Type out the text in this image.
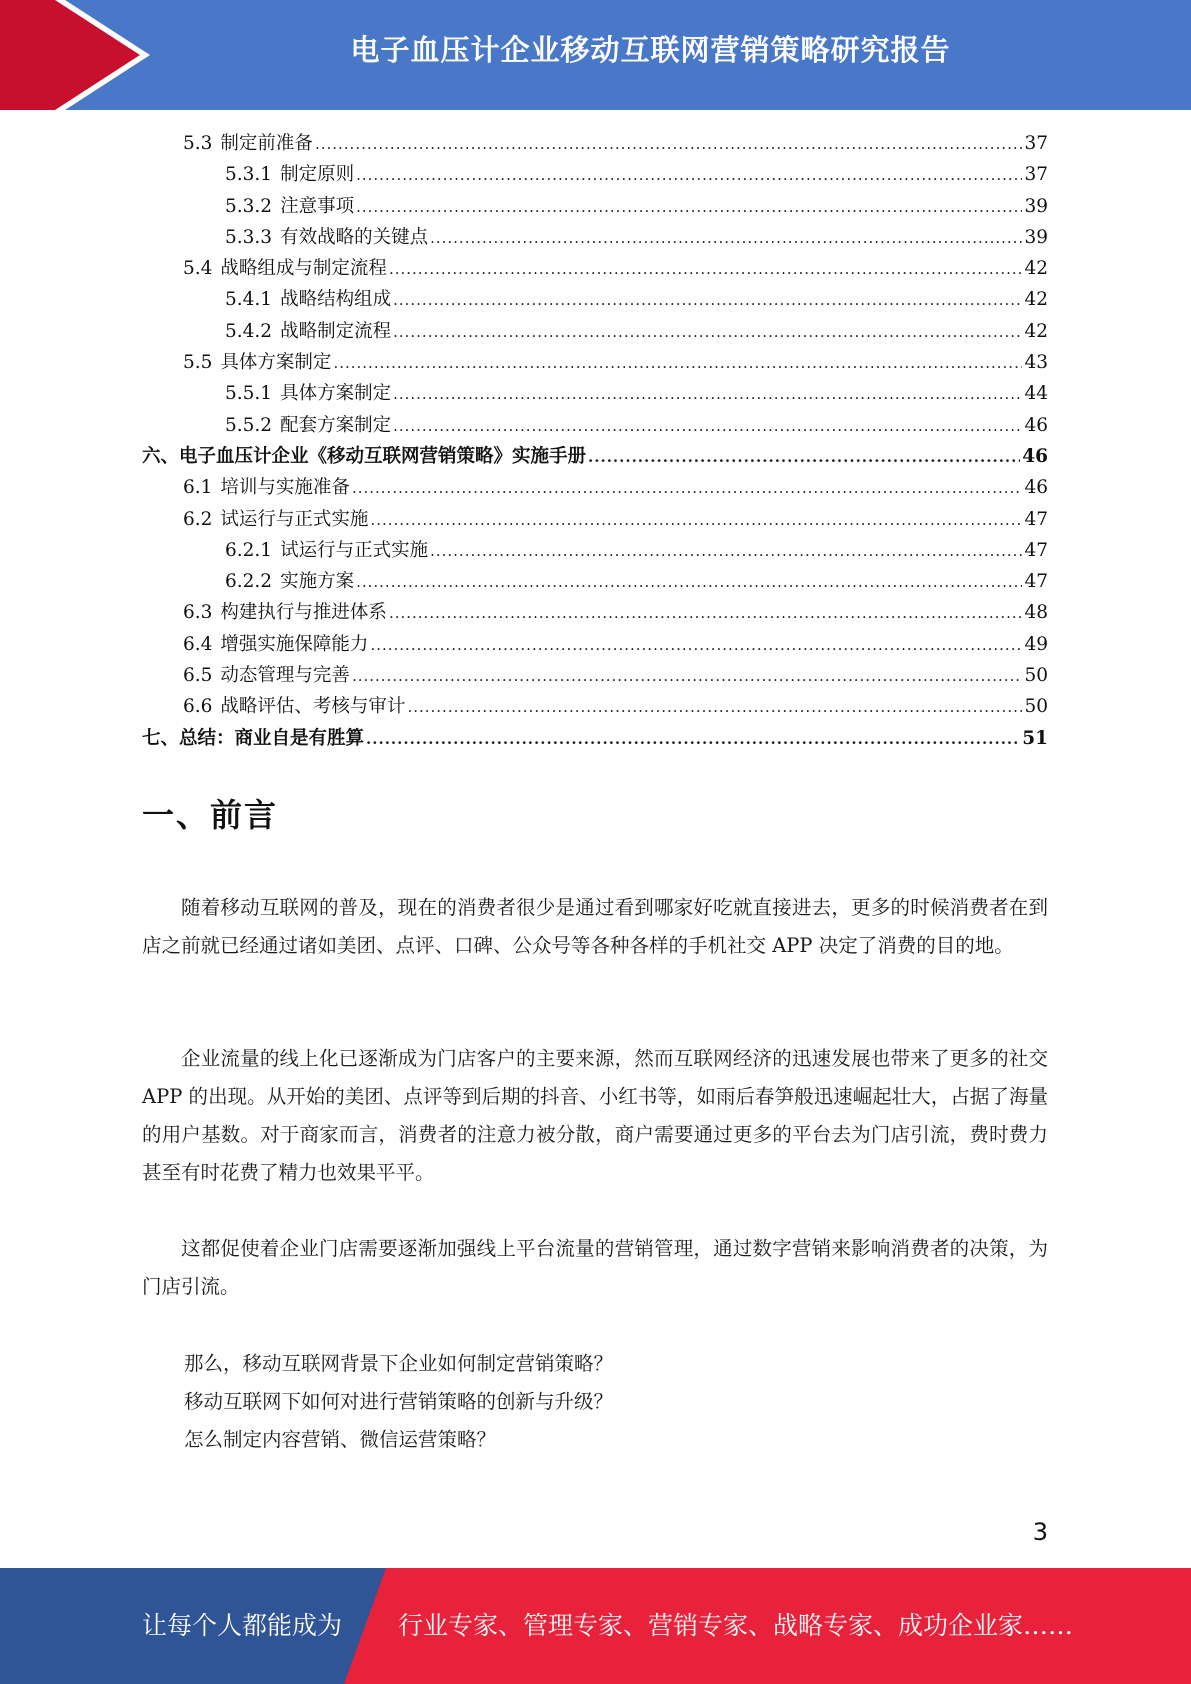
电子血压计企业移动互联网营销策略研究报告
5.3 制定前准备 .....	37
5.3.1 制定原则 .....	37
5.3.2 注意事项 .....	39
5.3.3 有效战略的关键点 .....	39
5.4 战略组成与制定流程 .....	42
5.4.1 战略结构组成 .....	42
5.4.2 战略制定流程 .....	42
5.5 具体方案制定 .....	43
5.5.1 具体方案制定 .....	44
5.5.2 配套方案制定 .....	46
六、 电子血压计企业《移动互联网营销策略》实施手册 .....	46
6.1 培训与实施准备 .....	46
6.2 试运行与正式实施 .....	47
6.2.1 试运行与正式实施 .....	47
6.2.2 实施方案 .....	47
6.3 构建执行与推进体系 .....	48
6.4 增强实施保障能力 .....	49
6.5 动态管理与完善 .....	50
6.6 战略评估、考核与审计 .....	50
七、 总结：商业自是有胜算 .....	51
一、前言

随着移动互联网的普及，现在的消费者很少是通过看到哪家好吃就直接进去，更多的时候消费者在到店之前就已经通过诸如美团、点评、口碑、公众号等各种各样的手机社交 APP 决定了消费的目的地。

企业流量的线上化已逐渐成为门店客户的主要来源，然而互联网经济的迅速发展也带来了更多的社交 APP 的出现。从开始的美团、点评等到后期的抖音、小红书等，如雨后春笋般迅速崛起壮大，占据了海量的用户基数。对于商家而言，消费者的注意力被分散，商户需要通过更多的平台去为门店引流，费时费力甚至有时花费了精力也效果平平。

这都促使着企业门店需要逐渐加强线上平台流量的营销管理，通过数字营销来影响消费者的决策，为门店引流。

那么，移动互联网背景下企业如何制定营销策略？
移动互联网下如何对进行营销策略的创新与升级？
怎么制定内容营销、微信运营策略？
3
让每个人都能成为 行业专家、管理专家、营销专家、战略专家、成功企业家……
